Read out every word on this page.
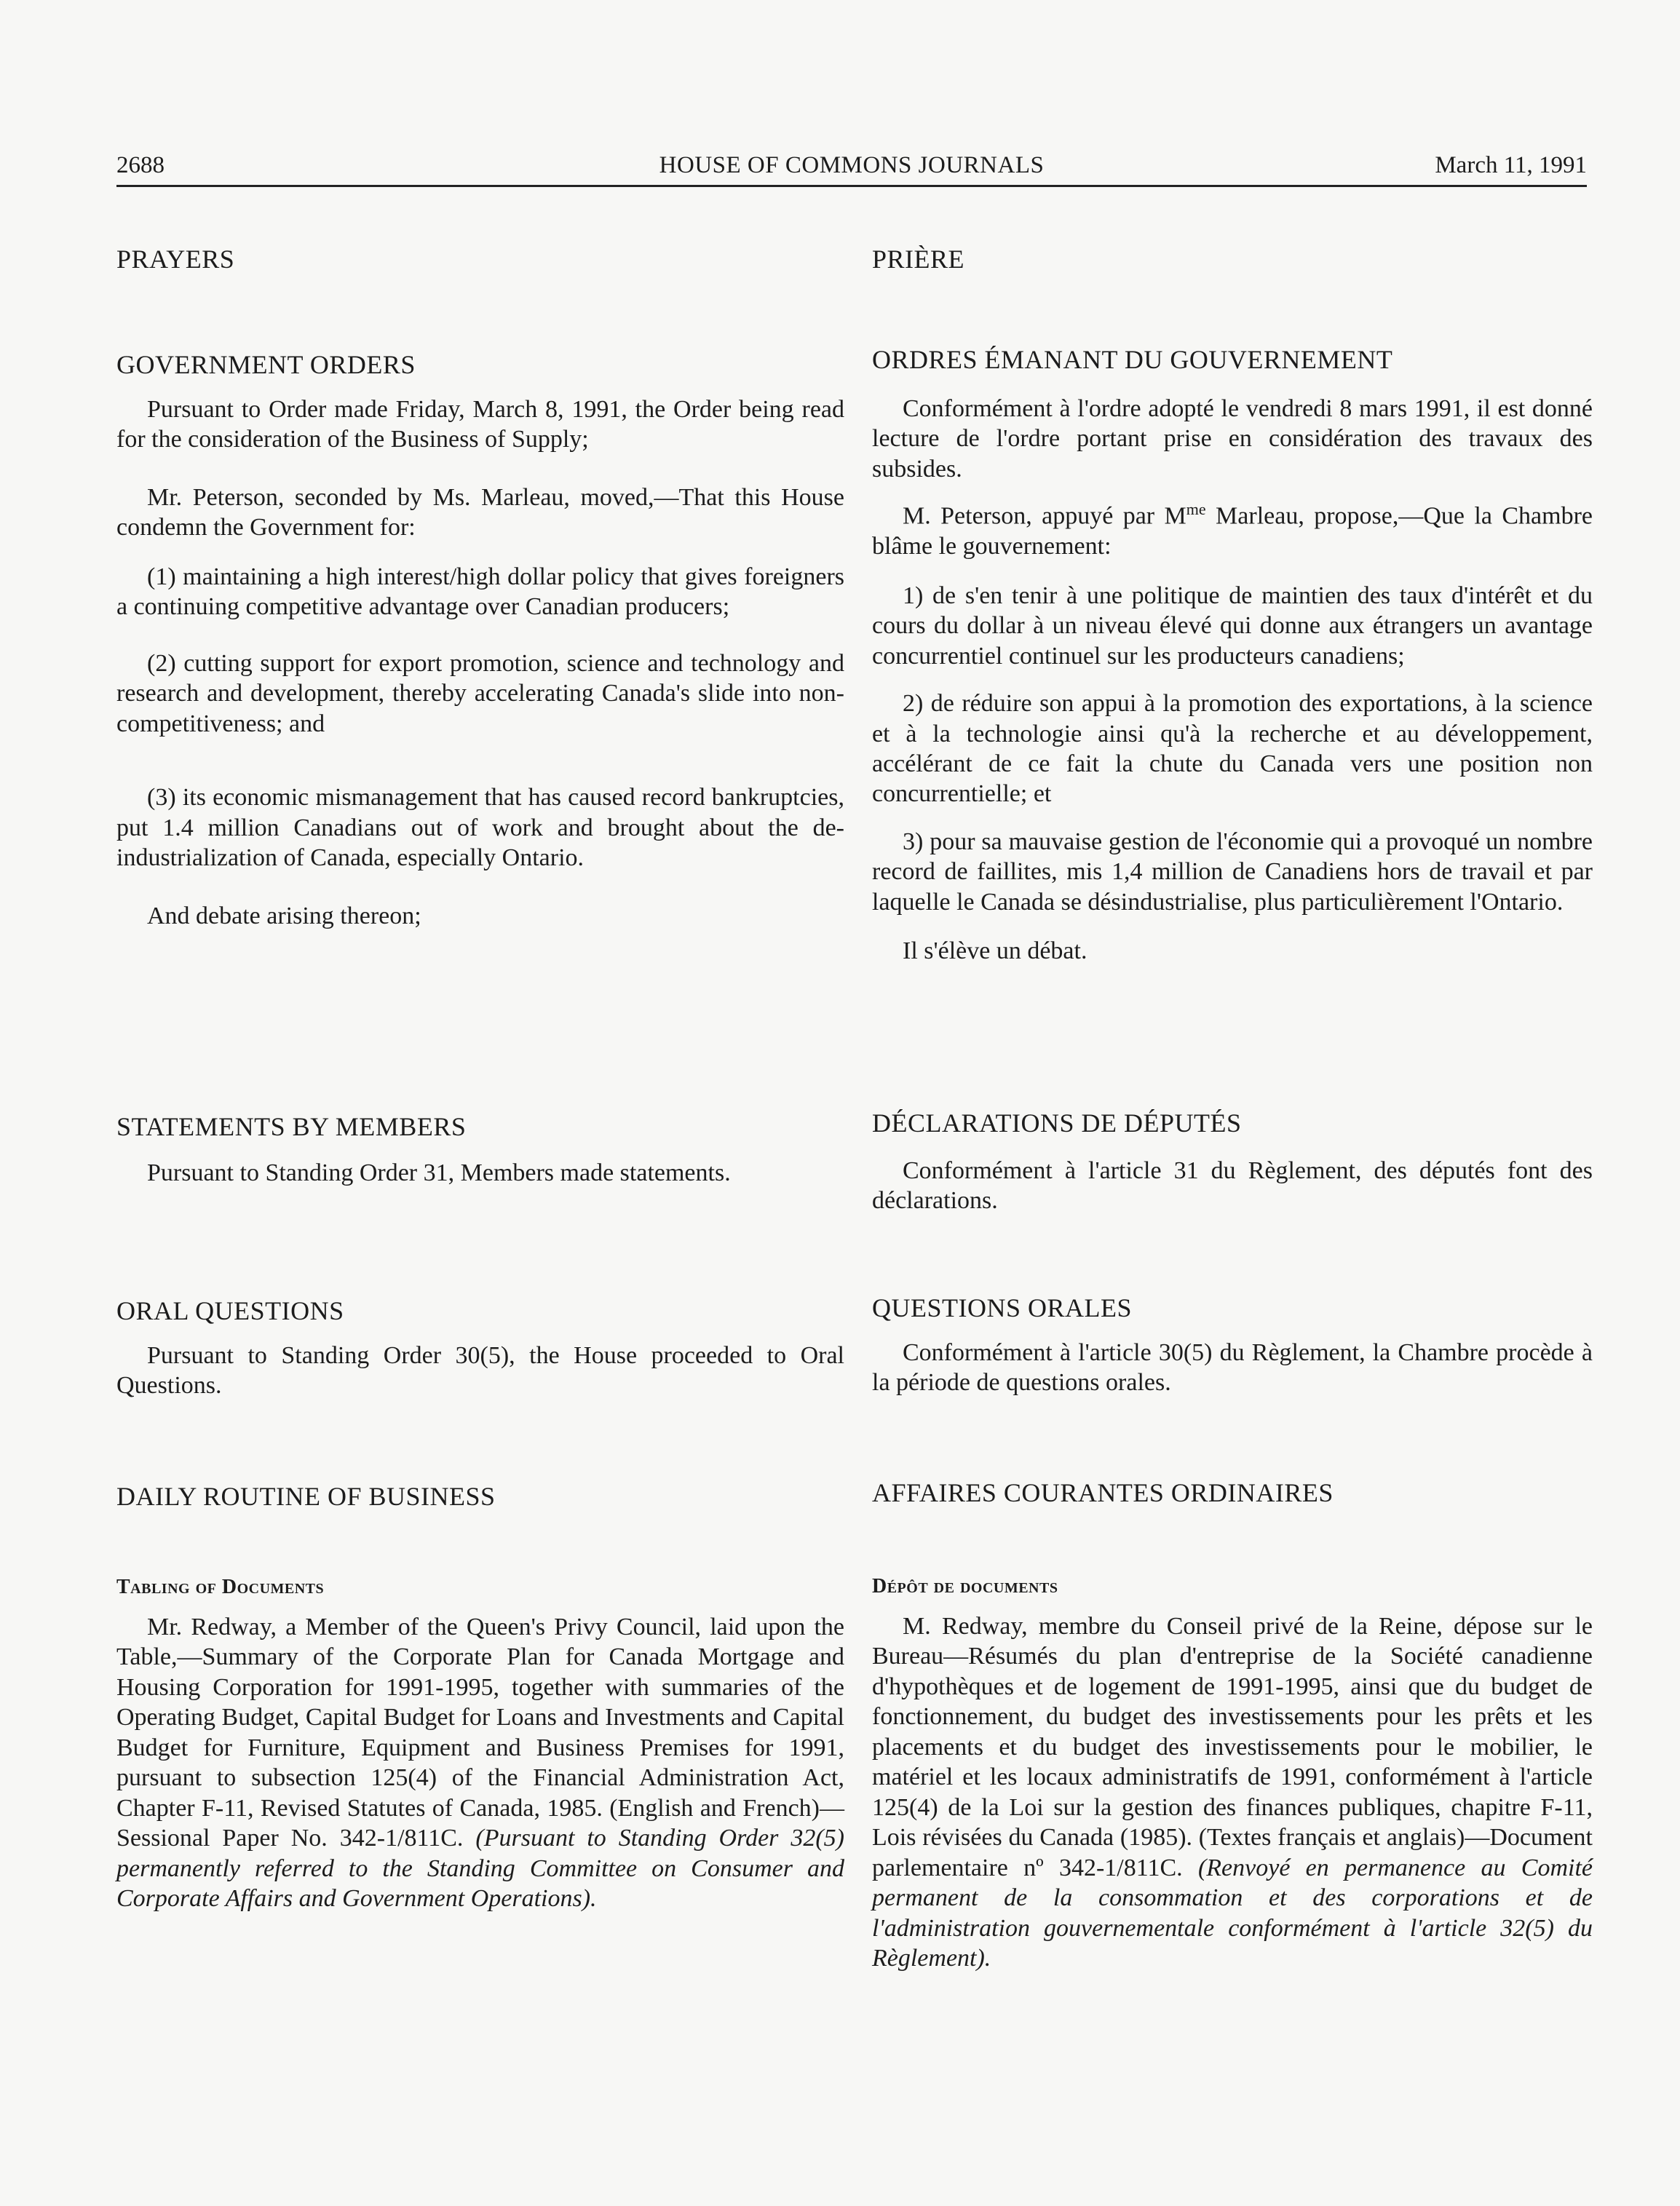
2688	HOUSE OF COMMONS JOURNALS	March 11, 1991
PRAYERS
GOVERNMENT ORDERS

Pursuant to Order made Friday, March 8, 1991, the Order being read for the consideration of the Business of Supply;

Mr. Peterson, seconded by Ms. Marleau, moved,—That this House condemn the Government for:

(1) maintaining a high interest/high dollar policy that gives foreigners a continuing competitive advantage over Canadian producers;

(2) cutting support for export promotion, science and technology and research and development, thereby accelerating Canada's slide into non-competitiveness; and

(3) its economic mismanagement that has caused record bankruptcies, put 1.4 million Canadians out of work and brought about the de-industrialization of Canada, especially Ontario.

And debate arising thereon;

STATEMENTS BY MEMBERS

Pursuant to Standing Order 31, Members made statements.

ORAL QUESTIONS

Pursuant to Standing Order 30(5), the House proceeded to Oral Questions.

DAILY ROUTINE OF BUSINESS
Tabling of Documents

Mr. Redway, a Member of the Queen's Privy Council, laid upon the Table,—Summary of the Corporate Plan for Canada Mortgage and Housing Corporation for 1991-1995, together with summaries of the Operating Budget, Capital Budget for Loans and Investments and Capital Budget for Furniture, Equipment and Business Premises for 1991, pursuant to subsection 125(4) of the Financial Administration Act, Chapter F-11, Revised Statutes of Canada, 1985. (English and French)—Sessional Paper No. 342-1/811C. (Pursuant to Standing Order 32(5) permanently referred to the Standing Committee on Consumer and Corporate Affairs and Government Operations).

PRIÈRE
ORDRES ÉMANANT DU GOUVERNEMENT

Conformément à l'ordre adopté le vendredi 8 mars 1991, il est donné lecture de l'ordre portant prise en considération des travaux des subsides.

M. Peterson, appuyé par $M^{me}$ Marleau, propose,—Que la Chambre blâme le gouvernement:

1) de s'en tenir à une politique de maintien des taux d'intérêt et du cours du dollar à un niveau élevé qui donne aux étrangers un avantage concurrentiel continuel sur les producteurs canadiens;

2) de réduire son appui à la promotion des exportations, à la science et à la technologie ainsi qu'à la recherche et au développement, accélérant de ce fait la chute du Canada vers une position non concurrentielle; et

3) pour sa mauvaise gestion de l'économie qui a provoqué un nombre record de faillites, mis 1,4 million de Canadiens hors de travail et par laquelle le Canada se désindustrialise, plus particulièrement l'Ontario.

Il s'élève un débat.

DÉCLARATIONS DE DÉPUTÉS

Conformément à l'article 31 du Règlement, des députés font des déclarations.

QUESTIONS ORALES

Conformément à l'article 30(5) du Règlement, la Chambre procède à la période de questions orales.

AFFAIRES COURANTES ORDINAIRES
Dépôt de documents

M. Redway, membre du Conseil privé de la Reine, dépose sur le Bureau—Résumés du plan d'entreprise de la Société canadienne d'hypothèques et de logement de 1991-1995, ainsi que du budget de fonctionnement, du budget des investissements pour les prêts et les placements et du budget des investissements pour le mobilier, le matériel et les locaux administratifs de 1991, conformément à l'article 125(4) de la Loi sur la gestion des finances publiques, chapitre F-11, Lois révisées du Canada (1985). (Textes français et anglais)—Document parlementaire nº 342-1/811C. (Renvoyé en permanence au Comité permanent de la consommation et des corporations et de l'administration gouvernementale conformément à l'article 32(5) du Règlement).
